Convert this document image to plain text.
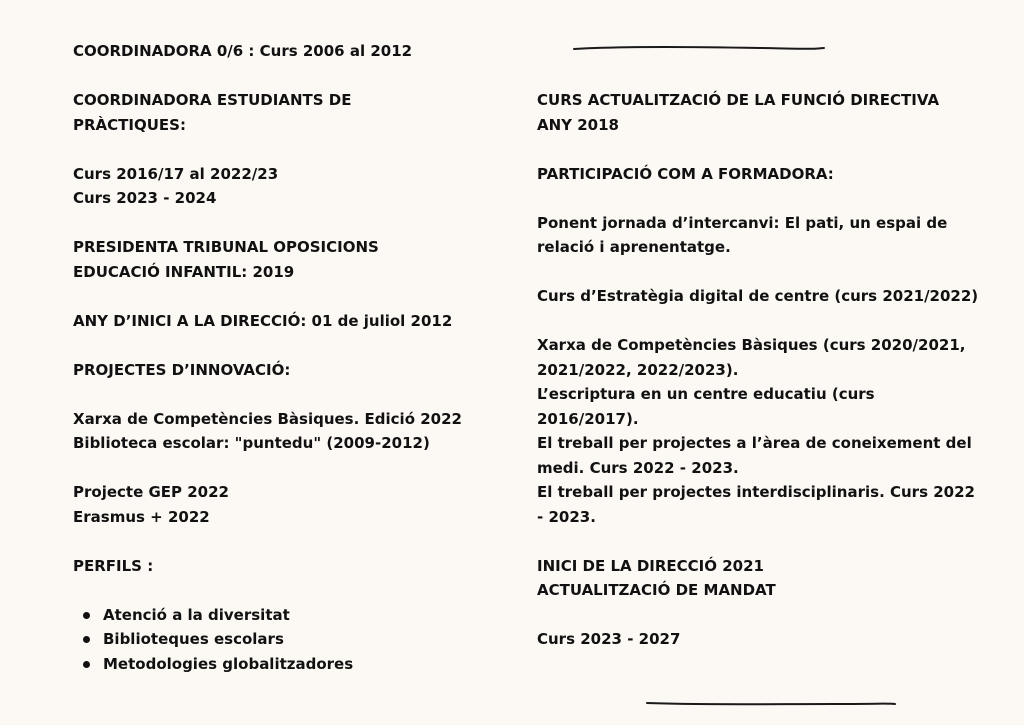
COORDINADORA 0/6 : Curs 2006 al 2012

COORDINADORA ESTUDIANTS DE

PRÀCTIQUES:

Curs 2016/17 al 2022/23

Curs 2023 - 2024

PRESIDENTA TRIBUNAL OPOSICIONS

EDUCACIÓ INFANTIL: 2019

ANY D’INICI A LA DIRECCIÓ: 01 de juliol 2012

PROJECTES D’INNOVACIÓ:

Xarxa de Competències Bàsiques. Edició 2022

Biblioteca escolar: "puntedu" (2009-2012)

Projecte GEP 2022

Erasmus + 2022

PERFILS :

Atenció a la diversitat
Biblioteques escolars
Metodologies globalitzadores

CURS ACTUALITZACIÓ DE LA FUNCIÓ DIRECTIVA

ANY 2018

PARTICIPACIÓ COM A FORMADORA:

Ponent jornada d’intercanvi: El pati, un espai de

relació i aprenentatge.

Curs d’Estratègia digital de centre (curs 2021/2022)

Xarxa de Competències Bàsiques (curs 2020/2021,

2021/2022, 2022/2023).

L’escriptura en un centre educatiu (curs

2016/2017).

El treball per projectes a l’àrea de coneixement del

medi. Curs 2022 - 2023.

El treball per projectes interdisciplinaris. Curs 2022

- 2023.

INICI DE LA DIRECCIÓ 2021

ACTUALITZACIÓ DE MANDAT

Curs 2023 - 2027
